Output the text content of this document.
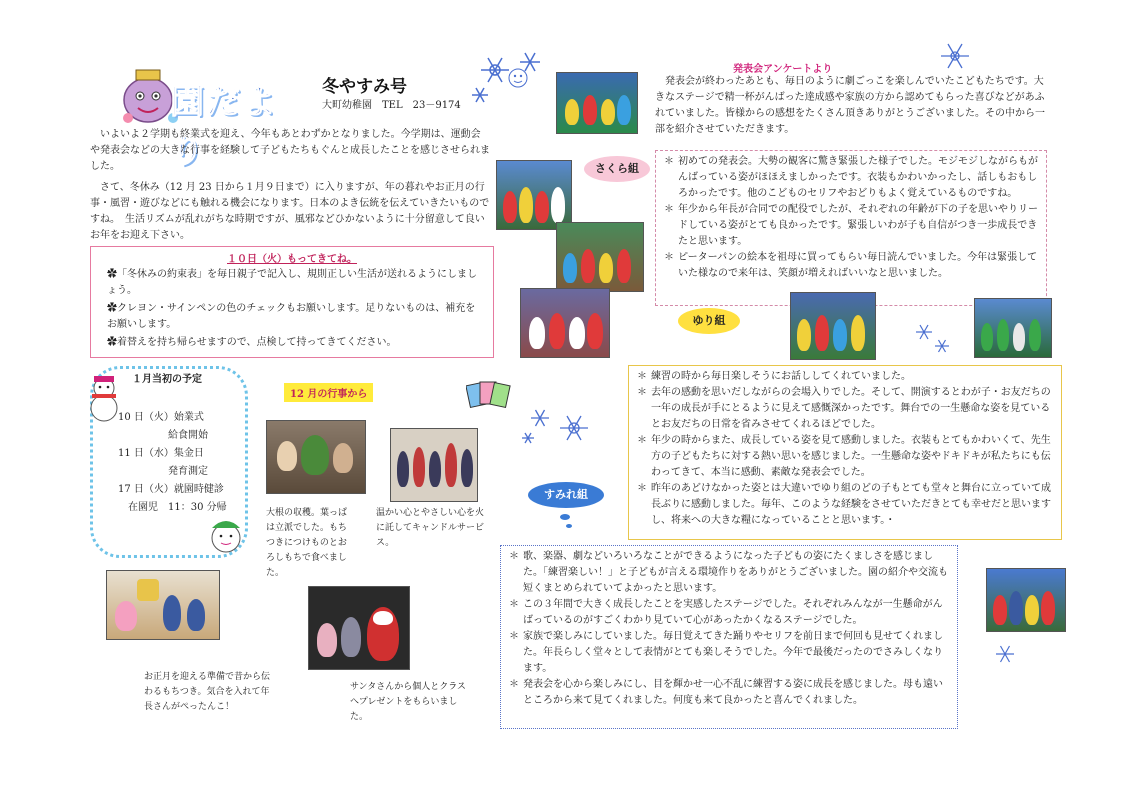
園だより
冬やすみ号
大町幼稚園　TEL　23－9174
いよいよ２学期も終業式を迎え、今年もあとわずかとなりました。今学期は、運動会や発表会などの大きな行事を経験して子どもたちもぐんと成長したことを感じさせられました。
さて、冬休み（12 月 23 日から１月９日まで）に入りますが、年の暮れやお正月の行事・風習・遊びなどにも触れる機会になります。日本のよき伝統を伝えていきたいものですね。　生活リズムが乱れがちな時期ですが、風邪などひかないように十分留意して良いお年をお迎え下さい。
１０日（火）もってきてね。
✿「冬休みの約束表」を毎日親子で記入し、規則正しい生活が送れるようにしましょう。
✿クレヨン・サインペンの色のチェックもお願いします。足りないものは、補充をお願いします。
✿着替えを持ち帰らせますので、点検して持ってきてください。
１月当初の予定
10 日（火）始業式
給食開始
11 日（水）集金日
発育測定
17 日（火）就園時健診
在園児　11：30 分帰
12 月の行事から
大根の収穫。葉っぱは立派でした。もちつきにつけものとおろしもちで食べました。
温かい心とやさしい心を火に託してキャンドルサービス。
お正月を迎える準備で昔から伝わるもちつき。気合を入れて年長さんがぺったんこ！
サンタさんから個人とクラスへプレゼントをもらいました。
発表会アンケートより
発表会が終わったあとも、毎日のように劇ごっこを楽しんでいたこどもたちです。大きなステージで精一杯がんばった達成感や家族の方から認めてもらった喜びなどがあふれていました。皆様からの感想をたくさん頂きありがとうございました。その中から一部を紹介させていただきます。
さくら組
＊ 初めての発表会。大勢の観客に驚き緊張した様子でした。モジモジしながらもがんばっている姿がほほえましかったです。衣装もかわいかったし、話しもおもしろかったです。他のこどものセリフやおどりもよく覚えているものですね。
＊ 年少から年長が合同での配役でしたが、それぞれの年齢が下の子を思いやりリードしている姿がとても良かったです。緊張しいわが子も自信がつき一歩成長できたと思います。
＊ ピーターパンの絵本を祖母に買ってもらい毎日読んでいました。今年は緊張していた様なので来年は、笑顔が増えればいいなと思いました。
ゆり組
＊ 練習の時から毎日楽しそうにお話ししてくれていました。
＊ 去年の感動を思いだしながらの会場入りでした。そして、開演するとわが子・お友だちの一年の成長が手にとるように見えて感慨深かったです。舞台での一生懸命な姿を見ているとお友だちの日常を省みさせてくれるほどでした。
＊ 年少の時からまた、成長している姿を見て感動しました。衣装もとてもかわいくて、先生方の子どもたちに対する熱い思いを感じました。一生懸命な姿やドキドキが私たちにも伝わってきて、本当に感動、素敵な発表会でした。
＊ 昨年のあどけなかった姿とは大違いでゆり組のどの子もとても堂々と舞台に立っていて成長ぶりに感動しました。毎年、このような経験をさせていただきとても幸せだと思いますし、将来への大きな糧になっていることと思います。・
すみれ組
＊ 歌、楽器、劇などいろいろなことができるようになった子どもの姿にたくましさを感じました。「練習楽しい！」と子どもが言える環境作りをありがとうございました。園の紹介や交流も短くまとめられていてよかったと思います。
＊ この３年間で大きく成長したことを実感したステージでした。それぞれみんなが一生懸命がんばっているのがすごくわかり見ていて心があったかくなるステージでした。
＊ 家族で楽しみにしていました。毎日覚えてきた踊りやセリフを前日まで何回も見せてくれました。年長らしく堂々として表情がとても楽しそうでした。今年で最後だったのでさみしくなります。
＊ 発表会を心から楽しみにし、目を輝かせ一心不乱に練習する姿に成長を感じました。母も遠いところから来て見てくれました。何度も来て良かったと喜んでくれました。
